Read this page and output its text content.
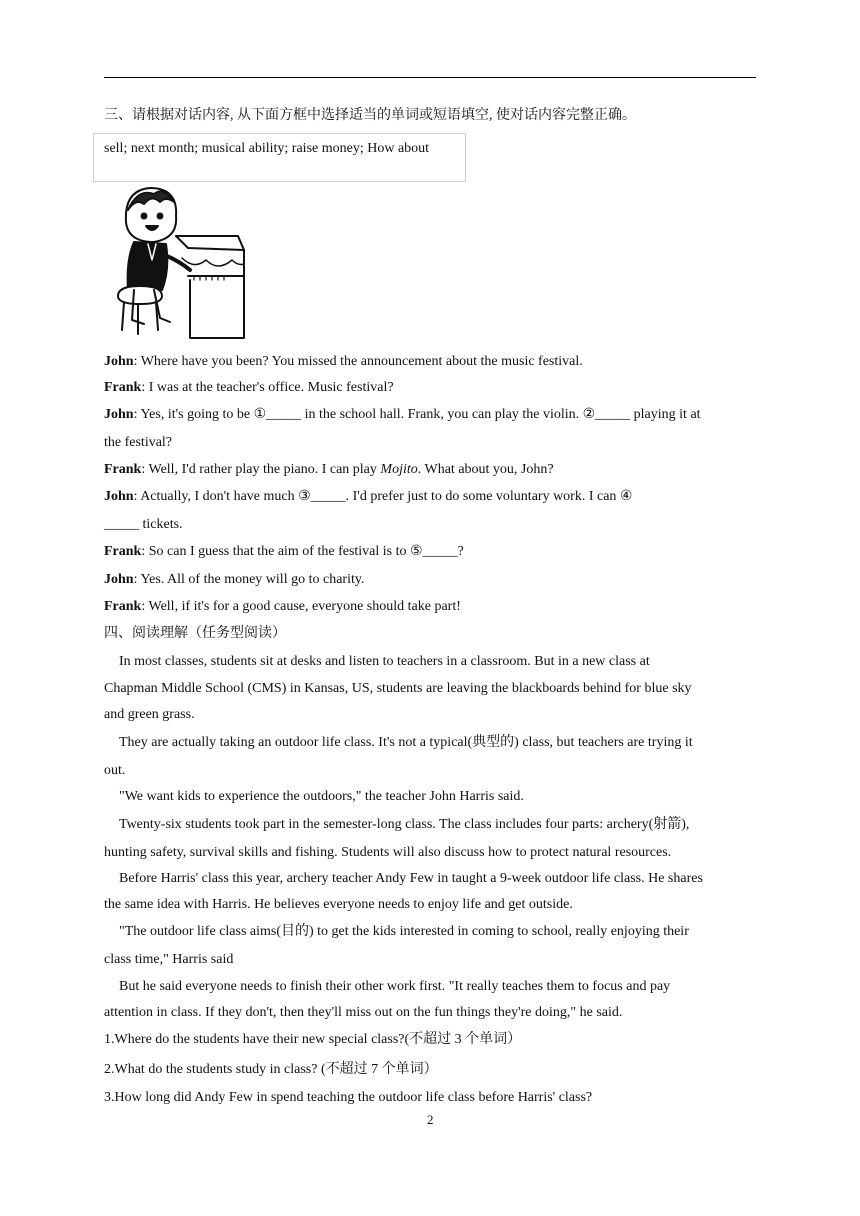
三、请根据对话内容, 从下面方框中选择适当的单词或短语填空, 使对话内容完整正确。
sell; next month; musical ability; raise money; How about
John: Where have you been? You missed the announcement about the music festival.
Frank: I was at the teacher's office. Music festival?
John: Yes, it's going to be ①_____ in the school hall. Frank, you can play the violin. ②_____ playing it at
the festival?
Frank: Well, I'd rather play the piano. I can play Mojito. What about you, John?
John: Actually, I don't have much ③_____. I'd prefer just to do some voluntary work. I can ④
_____ tickets.
Frank: So can I guess that the aim of the festival is to ⑤_____?
John: Yes. All of the money will go to charity.
Frank: Well, if it's for a good cause, everyone should take part!
四、阅读理解（任务型阅读）
In most classes, students sit at desks and listen to teachers in a classroom. But in a new class at
Chapman Middle School (CMS) in Kansas, US, students are leaving the blackboards behind for blue sky
and green grass.
They are actually taking an outdoor life class. It's not a typical(典型的) class, but teachers are trying it
out.
"We want kids to experience the outdoors," the teacher John Harris said.
Twenty-six students took part in the semester-long class. The class includes four parts: archery(射箭),
hunting safety, survival skills and fishing. Students will also discuss how to protect natural resources.
Before Harris' class this year, archery teacher Andy Few in taught a 9-week outdoor life class. He shares
the same idea with Harris. He believes everyone needs to enjoy life and get outside.
"The outdoor life class aims(目的) to get the kids interested in coming to school, really enjoying their
class time," Harris said
But he said everyone needs to finish their other work first. "It really teaches them to focus and pay
attention in class. If they don't, then they'll miss out on the fun things they're doing," he said.
1.Where do the students have their new special class?(不超过 3 个单词）
2.What do the students study in class? (不超过 7 个单词）
3.How long did Andy Few in spend teaching the outdoor life class before Harris' class?
2
